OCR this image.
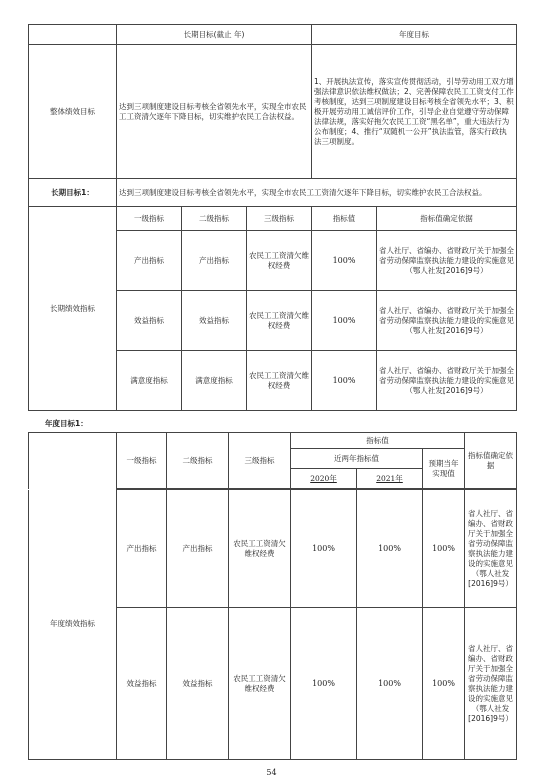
	长期目标(截止 年)			年度目标	
整体绩效目标	达到三项制度建设目标考核全省领先水平，实现全市农民工工资清欠逐年下降目标，切实维护农民工合法权益。			1、开展执法宣传，落实宣传贯彻活动，引导劳动用工双方增强法律意识依法维权做法；2、完善保障农民工工资支付工作考核制度，达到三项制度建设目标考核全省领先水平；3、积极开展劳动用工诚信评价工作，引导企业自觉遵守劳动保障法律法规，落实好拖欠农民工工资“黑名单”，重大违法行为公布制度；4、推行“双随机一公开”执法监管，落实行政执法三项制度。	
长期目标1：	达到三项制度建设目标考核全省领先水平，实现全市农民工工资清欠逐年下降目标，切实维护农民工合法权益。				
长期绩效指标	一级指标	二级指标	三级指标	指标值	指标值确定依据
	产出指标	产出指标	农民工工资清欠维权经费	100%	省人社厅、省编办、省财政厅关于加强全省劳动保障监察执法能力建设的实施意见（鄂人社发[2016]9号）
	效益指标	效益指标	农民工工资清欠维权经费	100%	省人社厅、省编办、省财政厅关于加强全省劳动保障监察执法能力建设的实施意见（鄂人社发[2016]9号）
	满意度指标	满意度指标	农民工工资清欠维权经费	100%	省人社厅、省编办、省财政厅关于加强全省劳动保障监察执法能力建设的实施意见（鄂人社发[2016]9号）
年度目标1：
	一级指标	二级指标	三级指标	指标值			指标值确定依据
				近两年指标值		预期当年实现值	
				2020年	2021年		
年度绩效指标	产出指标	产出指标	农民工工资清欠维权经费	100%	100%	100%	省人社厅、省编办、省财政厅关于加强全省劳动保障监察执法能力建设的实施意见（鄂人社发[2016]9号）
	效益指标	效益指标	农民工工资清欠维权经费	100%	100%	100%	省人社厅、省编办、省财政厅关于加强全省劳动保障监察执法能力建设的实施意见（鄂人社发[2016]9号）
54
